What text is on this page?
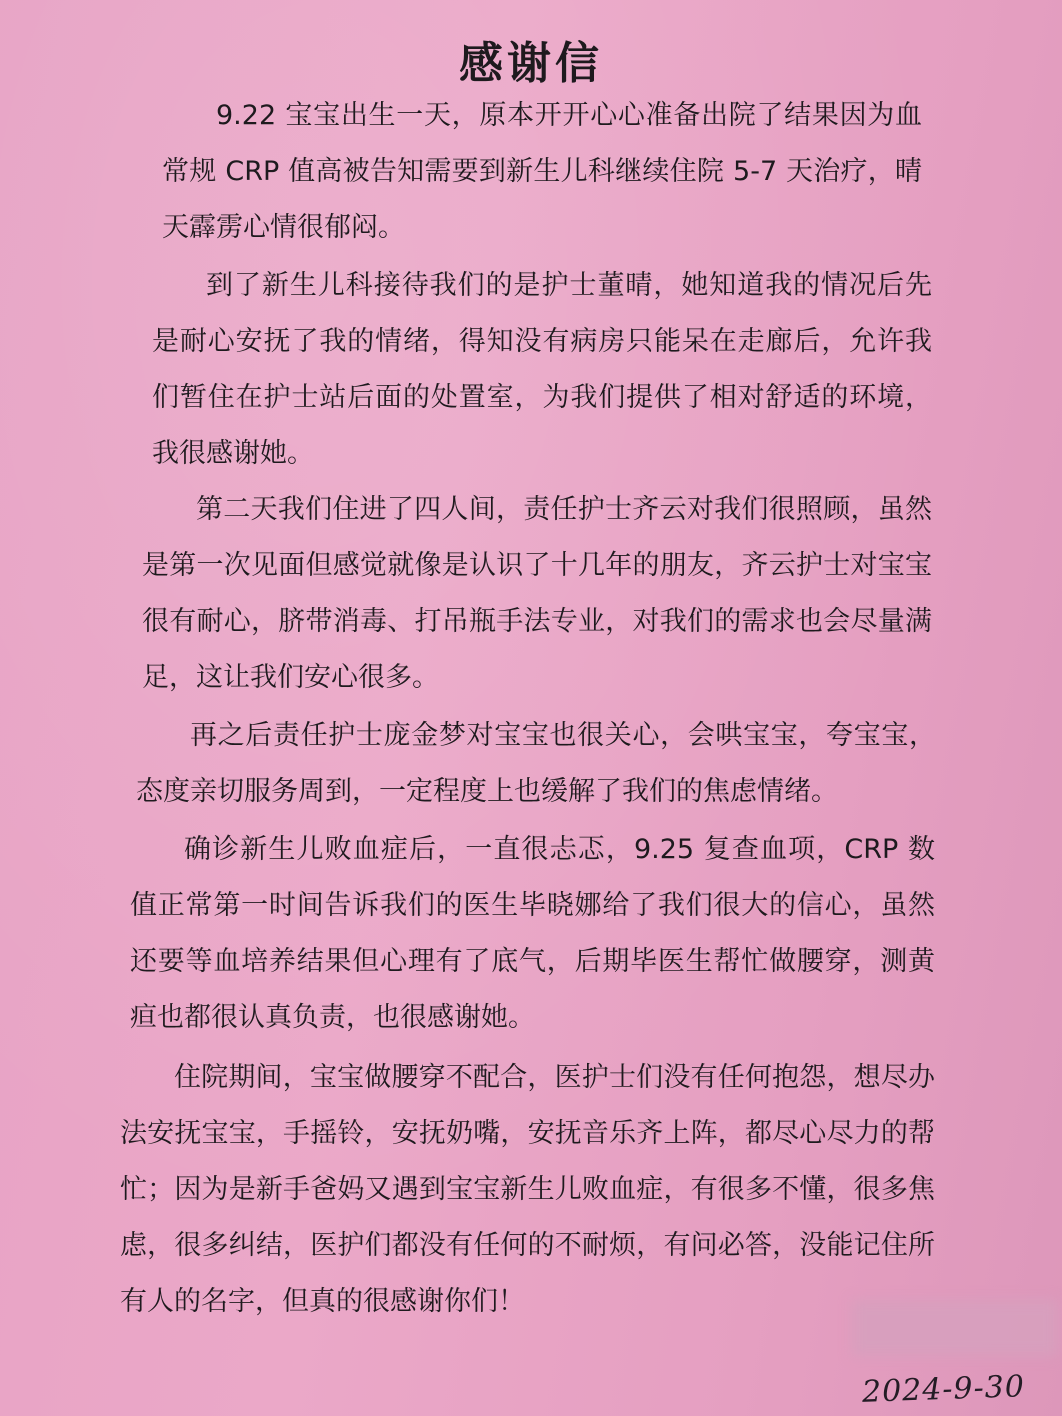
感谢信

9.22 宝宝出生一天，原本开开心心准备出院了结果因为血常规 CRP 值高被告知需要到新生儿科继续住院 5-7 天治疗，晴天霹雳心情很郁闷。

到了新生儿科接待我们的是护士董晴，她知道我的情况后先是耐心安抚了我的情绪，得知没有病房只能呆在走廊后，允许我们暂住在护士站后面的处置室，为我们提供了相对舒适的环境，我很感谢她。

第二天我们住进了四人间，责任护士齐云对我们很照顾，虽然是第一次见面但感觉就像是认识了十几年的朋友，齐云护士对宝宝很有耐心，脐带消毒、打吊瓶手法专业，对我们的需求也会尽量满足，这让我们安心很多。

再之后责任护士庞金梦对宝宝也很关心，会哄宝宝，夸宝宝，态度亲切服务周到，一定程度上也缓解了我们的焦虑情绪。

确诊新生儿败血症后，一直很忐忑，9.25 复查血项，CRP 数值正常第一时间告诉我们的医生毕晓娜给了我们很大的信心，虽然还要等血培养结果但心理有了底气，后期毕医生帮忙做腰穿，测黄疸也都很认真负责，也很感谢她。

住院期间，宝宝做腰穿不配合，医护士们没有任何抱怨，想尽办法安抚宝宝，手摇铃，安抚奶嘴，安抚音乐齐上阵，都尽心尽力的帮忙；因为是新手爸妈又遇到宝宝新生儿败血症，有很多不懂，很多焦虑，很多纠结，医护们都没有任何的不耐烦，有问必答，没能记住所有人的名字，但真的很感谢你们！

2024-9-30
